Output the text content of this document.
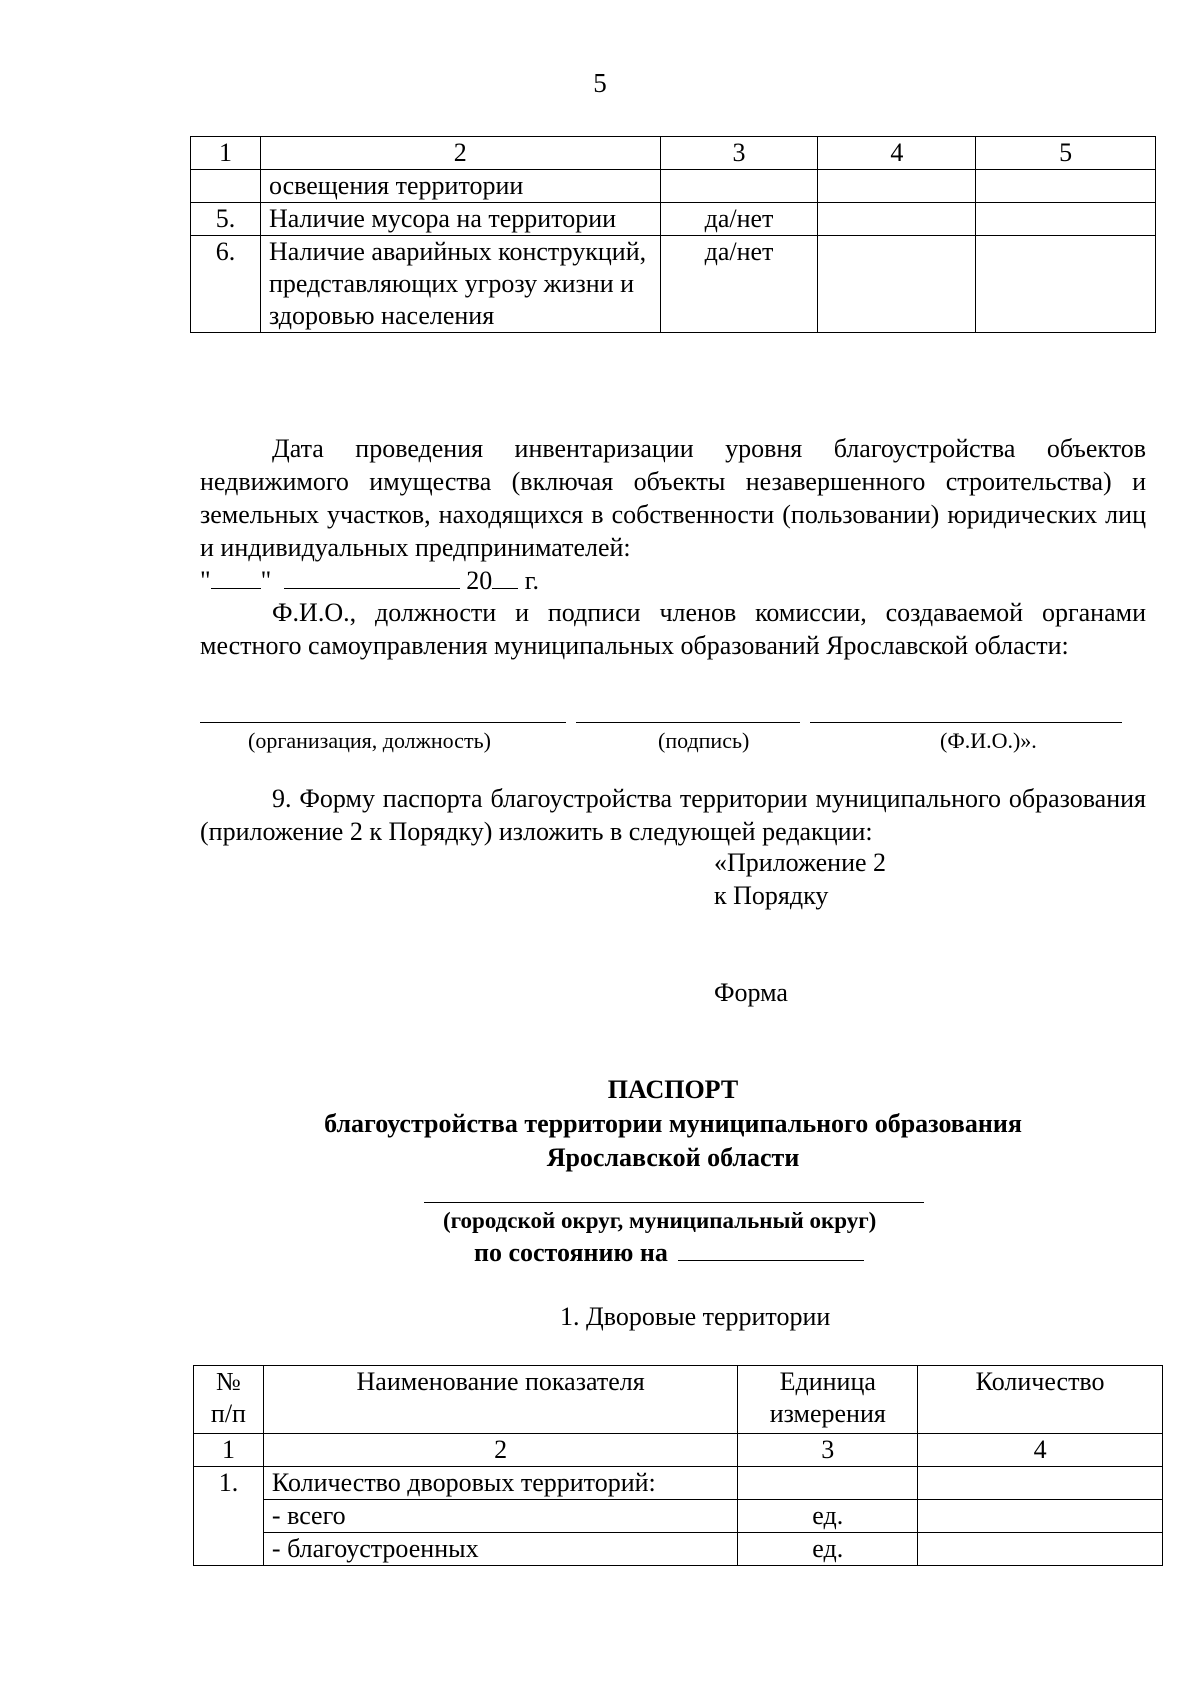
5
1	2	3	4	5
	освещения территории			
5.	Наличие мусора на территории	да/нет		
6.	Наличие аварийных конструкций, представляющих угрозу жизни и здоровью населения	да/нет		
Дата проведения инвентаризации уровня благоустройства объектов недвижимого имущества (включая объекты незавершенного строительства) и земельных участков, находящихся в собственности (пользовании) юридических лиц и индивидуальных предпринимателей:
" "	20 г.
Ф.И.О., должности и подписи членов комиссии, создаваемой органами местного самоуправления муниципальных образований Ярославской области:
(организация, должность)	(подпись)	(Ф.И.О.)».
9. Форму паспорта благоустройства территории муниципального образования (приложение 2 к Порядку) изложить в следующей редакции:
«Приложение 2
к Порядку
Форма
ПАСПОРТ
благоустройства территории муниципального образования
Ярославской области
(городской округ, муниципальный округ)
по состоянию на
1. Дворовые территории
№ п/п	Наименование показателя	Единица измерения	Количество
1	2	3	4
1.	Количество дворовых территорий:		
	- всего	ед.	
	- благоустроенных	ед.	
